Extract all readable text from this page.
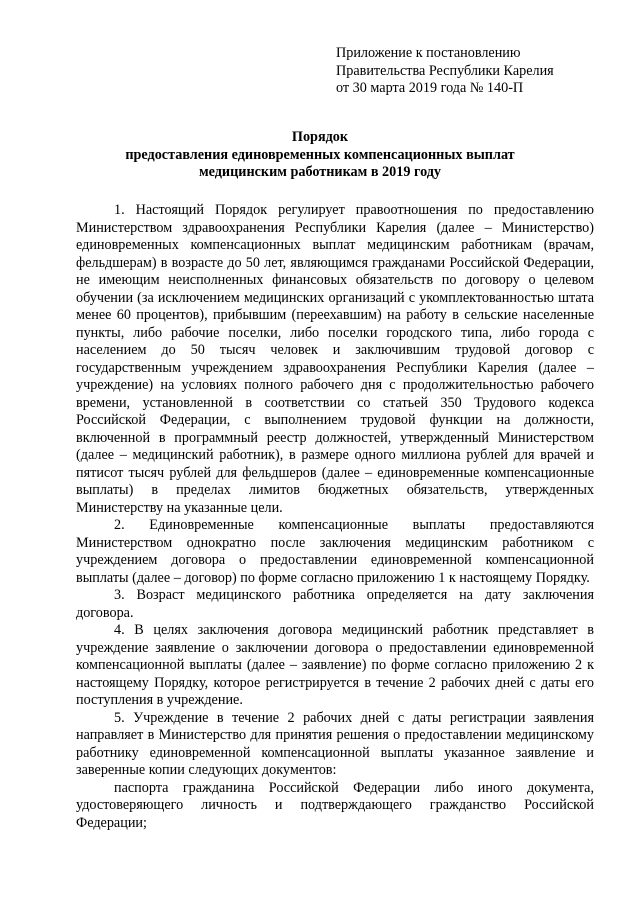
Приложение к постановлению
Правительства Республики Карелия
от 30 марта 2019 года № 140-П
Порядок
предоставления единовременных компенсационных выплат
медицинским работникам в 2019 году

1. Настоящий Порядок регулирует правоотношения по предоставлению Министерством здравоохранения Республики Карелия (далее – Министерство) единовременных компенсационных выплат медицинским работникам (врачам, фельдшерам) в возрасте до 50 лет, являющимся гражданами Российской Федерации, не имеющим неисполненных финансовых обязательств по договору о целевом обучении (за исключением медицинских организаций с укомплектованностью штата менее 60 процентов), прибывшим (переехавшим) на работу в сельские населенные пункты, либо рабочие поселки, либо поселки городского типа, либо города с населением до 50 тысяч человек и заключившим трудовой договор с государственным учреждением здравоохранения Республики Карелия (далее – учреждение) на условиях полного рабочего дня с продолжительностью рабочего времени, установленной в соответствии со статьей 350 Трудового кодекса Российской Федерации, с выполнением трудовой функции на должности, включенной в программный реестр должностей, утвержденный Министерством (далее – медицинский работник), в размере одного миллиона рублей для врачей и пятисот тысяч рублей для фельдшеров (далее – единовременные компенсационные выплаты) в пределах лимитов бюджетных обязательств, утвержденных Министерству на указанные цели.

2. Единовременные компенсационные выплаты предоставляются Министерством однократно после заключения медицинским работником с учреждением договора о предоставлении единовременной компенсационной выплаты (далее – договор) по форме согласно приложению 1 к настоящему Порядку.

3. Возраст медицинского работника определяется на дату заключения договора.

4. В целях заключения договора медицинский работник представляет в учреждение заявление о заключении договора о предоставлении единовременной компенсационной выплаты (далее – заявление) по форме согласно приложению 2 к настоящему Порядку, которое регистрируется в течение 2 рабочих дней с даты его поступления в учреждение.

5. Учреждение в течение 2 рабочих дней с даты регистрации заявления направляет в Министерство для принятия решения о предоставлении медицинскому работнику единовременной компенсационной выплаты указанное заявление и заверенные копии следующих документов:

паспорта гражданина Российской Федерации либо иного документа, удостоверяющего личность и подтверждающего гражданство Российской Федерации;
